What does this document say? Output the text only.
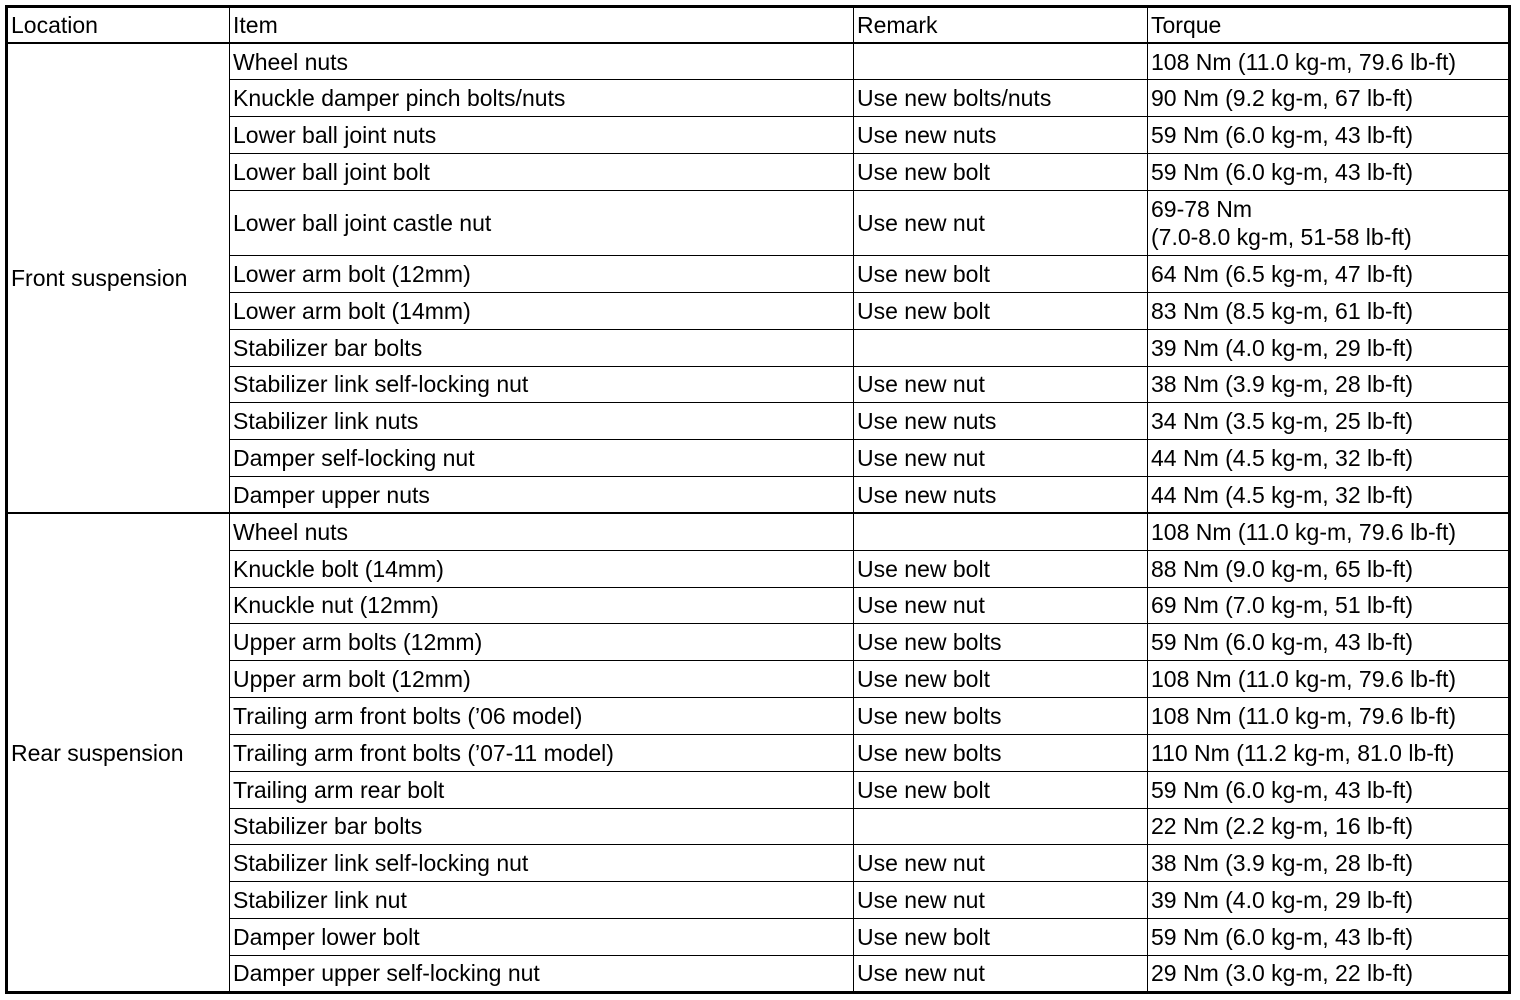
Location	Item	Remark	Torque
Front suspension	Wheel nuts		108 Nm (11.0 kg-m, 79.6 lb-ft)
	Knuckle damper pinch bolts/nuts	Use new bolts/nuts	90 Nm (9.2 kg-m, 67 lb-ft)
	Lower ball joint nuts	Use new nuts	59 Nm (6.0 kg-m, 43 lb-ft)
	Lower ball joint bolt	Use new bolt	59 Nm (6.0 kg-m, 43 lb-ft)
	Lower ball joint castle nut	Use new nut	69-78 Nm
(7.0-8.0 kg-m, 51-58 lb-ft)
	Lower arm bolt (12mm)	Use new bolt	64 Nm (6.5 kg-m, 47 lb-ft)
	Lower arm bolt (14mm)	Use new bolt	83 Nm (8.5 kg-m, 61 lb-ft)
	Stabilizer bar bolts		39 Nm (4.0 kg-m, 29 lb-ft)
	Stabilizer link self-locking nut	Use new nut	38 Nm (3.9 kg-m, 28 lb-ft)
	Stabilizer link nuts	Use new nuts	34 Nm (3.5 kg-m, 25 lb-ft)
	Damper self-locking nut	Use new nut	44 Nm (4.5 kg-m, 32 lb-ft)
	Damper upper nuts	Use new nuts	44 Nm (4.5 kg-m, 32 lb-ft)
Rear suspension	Wheel nuts		108 Nm (11.0 kg-m, 79.6 lb-ft)
	Knuckle bolt (14mm)	Use new bolt	88 Nm (9.0 kg-m, 65 lb-ft)
	Knuckle nut (12mm)	Use new nut	69 Nm (7.0 kg-m, 51 lb-ft)
	Upper arm bolts (12mm)	Use new bolts	59 Nm (6.0 kg-m, 43 lb-ft)
	Upper arm bolt (12mm)	Use new bolt	108 Nm (11.0 kg-m, 79.6 lb-ft)
	Trailing arm front bolts (’06 model)	Use new bolts	108 Nm (11.0 kg-m, 79.6 lb-ft)
	Trailing arm front bolts (’07-11 model)	Use new bolts	110 Nm (11.2 kg-m, 81.0 lb-ft)
	Trailing arm rear bolt	Use new bolt	59 Nm (6.0 kg-m, 43 lb-ft)
	Stabilizer bar bolts		22 Nm (2.2 kg-m, 16 lb-ft)
	Stabilizer link self-locking nut	Use new nut	38 Nm (3.9 kg-m, 28 lb-ft)
	Stabilizer link nut	Use new nut	39 Nm (4.0 kg-m, 29 lb-ft)
	Damper lower bolt	Use new bolt	59 Nm (6.0 kg-m, 43 lb-ft)
	Damper upper self-locking nut	Use new nut	29 Nm (3.0 kg-m, 22 lb-ft)
